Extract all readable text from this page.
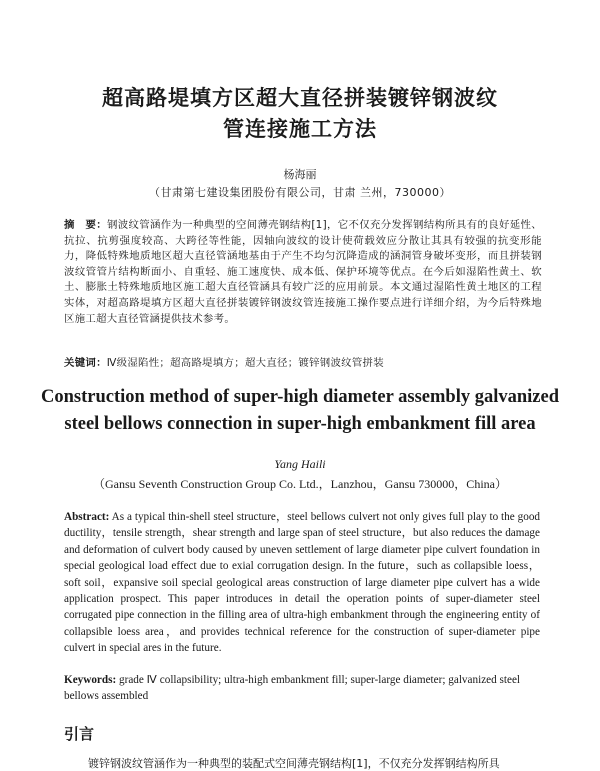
超高路堤填方区超大直径拼装镀锌钢波纹
管连接施工方法
杨海丽
（甘肃第七建设集团股份有限公司，甘肃 兰州，730000）
摘　要：钢波纹管涵作为一种典型的空间薄壳钢结构[1]，它不仅充分发挥钢结构所具有的良好延性、抗拉、抗剪强度较高、大跨径等性能，因轴向波纹的设计使荷载效应分散让其具有较强的抗变形能力，降低特殊地质地区超大直径管涵地基由于产生不均匀沉降造成的涵洞管身破坏变形，而且拼装钢波纹管管片结构断面小、自重轻、施工速度快、成本低、保护环境等优点。在今后如湿陷性黄土、软土、膨胀土特殊地质地区施工超大直径管涵具有较广泛的应用前景。本文通过湿陷性黄土地区的工程实体，对超高路堤填方区超大直径拼装镀锌钢波纹管连接施工操作要点进行详细介绍，为今后特殊地区施工超大直径管涵提供技术参考。
关键词：Ⅳ级湿陷性；超高路堤填方；超大直径；镀锌钢波纹管拼装
Construction method of super-high diameter assembly galvanized
steel bellows connection in super-high embankment fill area
Yang Haili
（Gansu Seventh Construction Group Co. Ltd.，Lanzhou，Gansu 730000，China）
Abstract: As a typical thin-shell steel structure，steel bellows culvert not only gives full play to the good ductility，tensile strength，shear strength and large span of steel structure，but also reduces the damage and deformation of culvert body caused by uneven settlement of large diameter pipe culvert foundation in special geological load effect due to exial corrugation design. In the future，such as collapsible loess，soft soil，expansive soil special geological areas construction of large diameter pipe culvert has a wide application prospect. This paper introduces in detail the operation points of super-diameter steel corrugated pipe connection in the filling area of ultra-high embankment through the engineering entity of collapsible loess area，and provides technical reference for the construction of super-diameter pipe culvert in special ares in the future.
Keywords: grade Ⅳ collapsibility; ultra-high embankment fill; super-large diameter; galvanized steel bellows assembled
引言
镀锌钢波纹管涵作为一种典型的装配式空间薄壳钢结构[1]，不仅充分发挥钢结构所具
